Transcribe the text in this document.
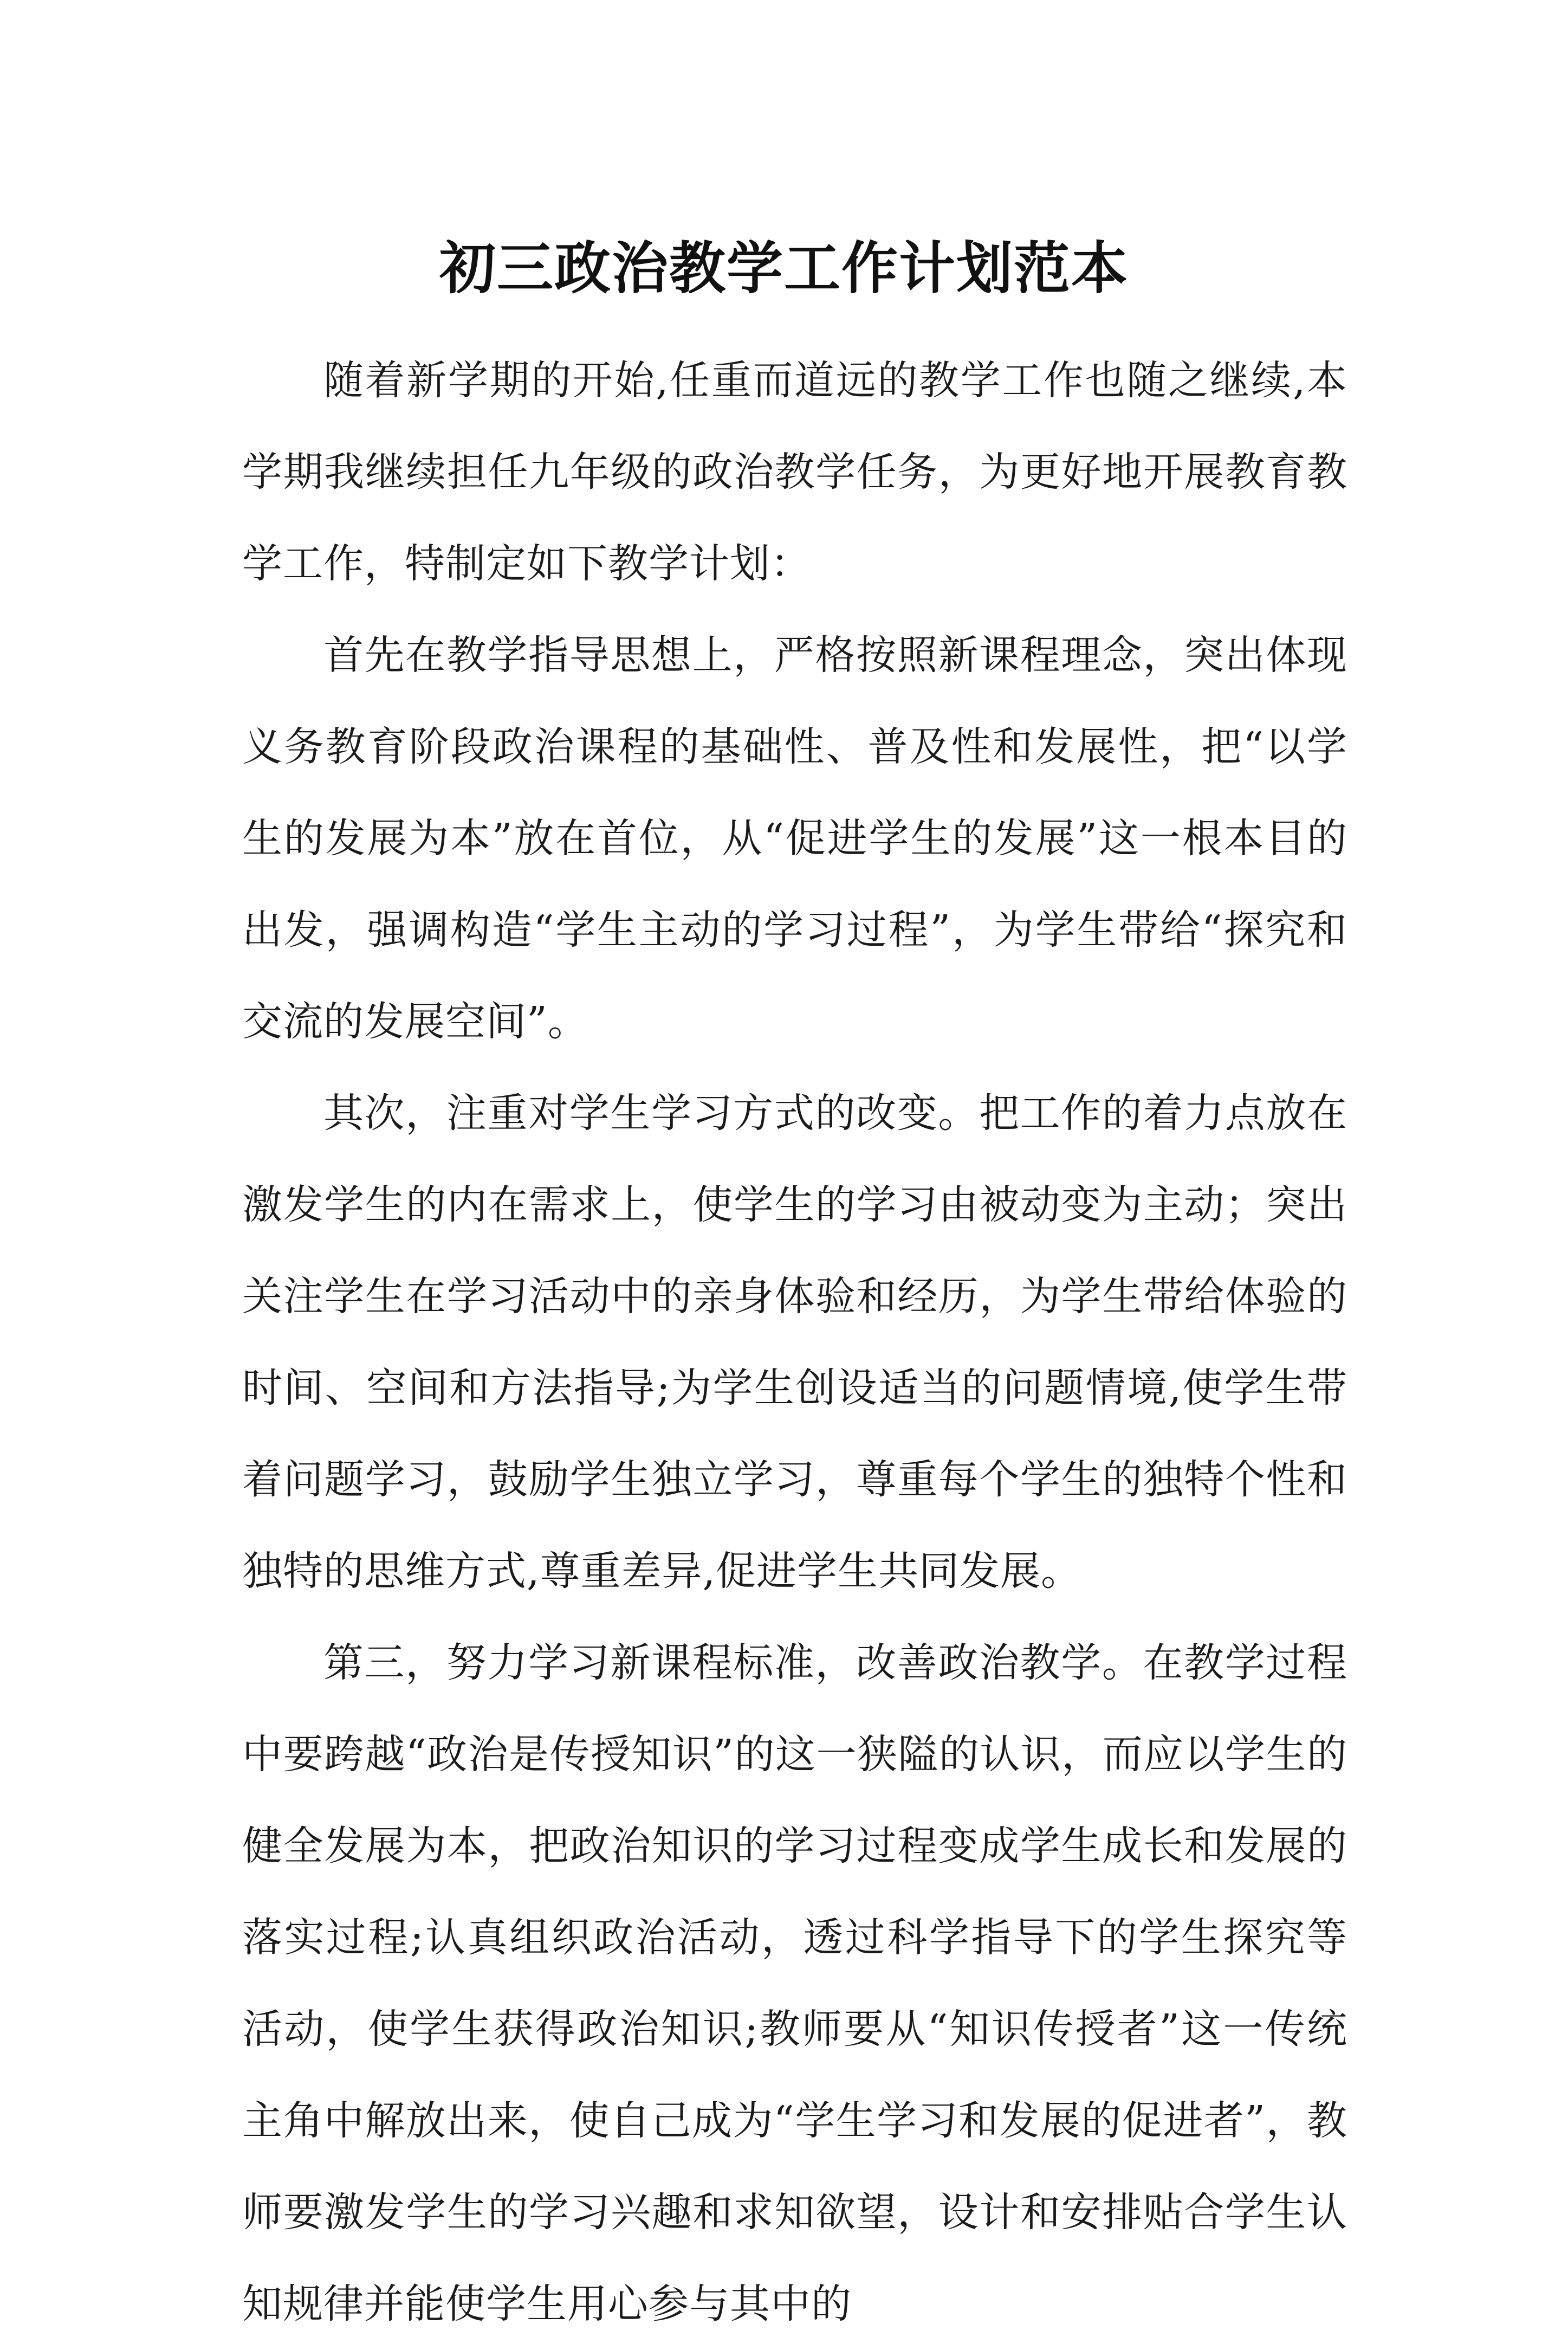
初三政治教学工作计划范本

随着新学期的开始,任重而道远的教学工作也随之继续,本学期我继续担任九年级的政治教学任务，为更好地开展教育教学工作，特制定如下教学计划：

首先在教学指导思想上，严格按照新课程理念，突出体现义务教育阶段政治课程的基础性、普及性和发展性，把“以学生的发展为本”放在首位，从“促进学生的发展”这一根本目的出发，强调构造“学生主动的学习过程”，为学生带给“探究和交流的发展空间”。

其次，注重对学生学习方式的改变。把工作的着力点放在激发学生的内在需求上，使学生的学习由被动变为主动；突出关注学生在学习活动中的亲身体验和经历，为学生带给体验的时间、空间和方法指导;为学生创设适当的问题情境,使学生带着问题学习，鼓励学生独立学习，尊重每个学生的独特个性和独特的思维方式,尊重差异,促进学生共同发展。

第三，努力学习新课程标准，改善政治教学。在教学过程中要跨越“政治是传授知识”的这一狭隘的认识，而应以学生的健全发展为本，把政治知识的学习过程变成学生成长和发展的落实过程;认真组织政治活动，透过科学指导下的学生探究等活动，使学生获得政治知识;教师要从“知识传授者”这一传统主角中解放出来，使自己成为“学生学习和发展的促进者”，教师要激发学生的学习兴趣和求知欲望，设计和安排贴合学生认知规律并能使学生用心参与其中的
